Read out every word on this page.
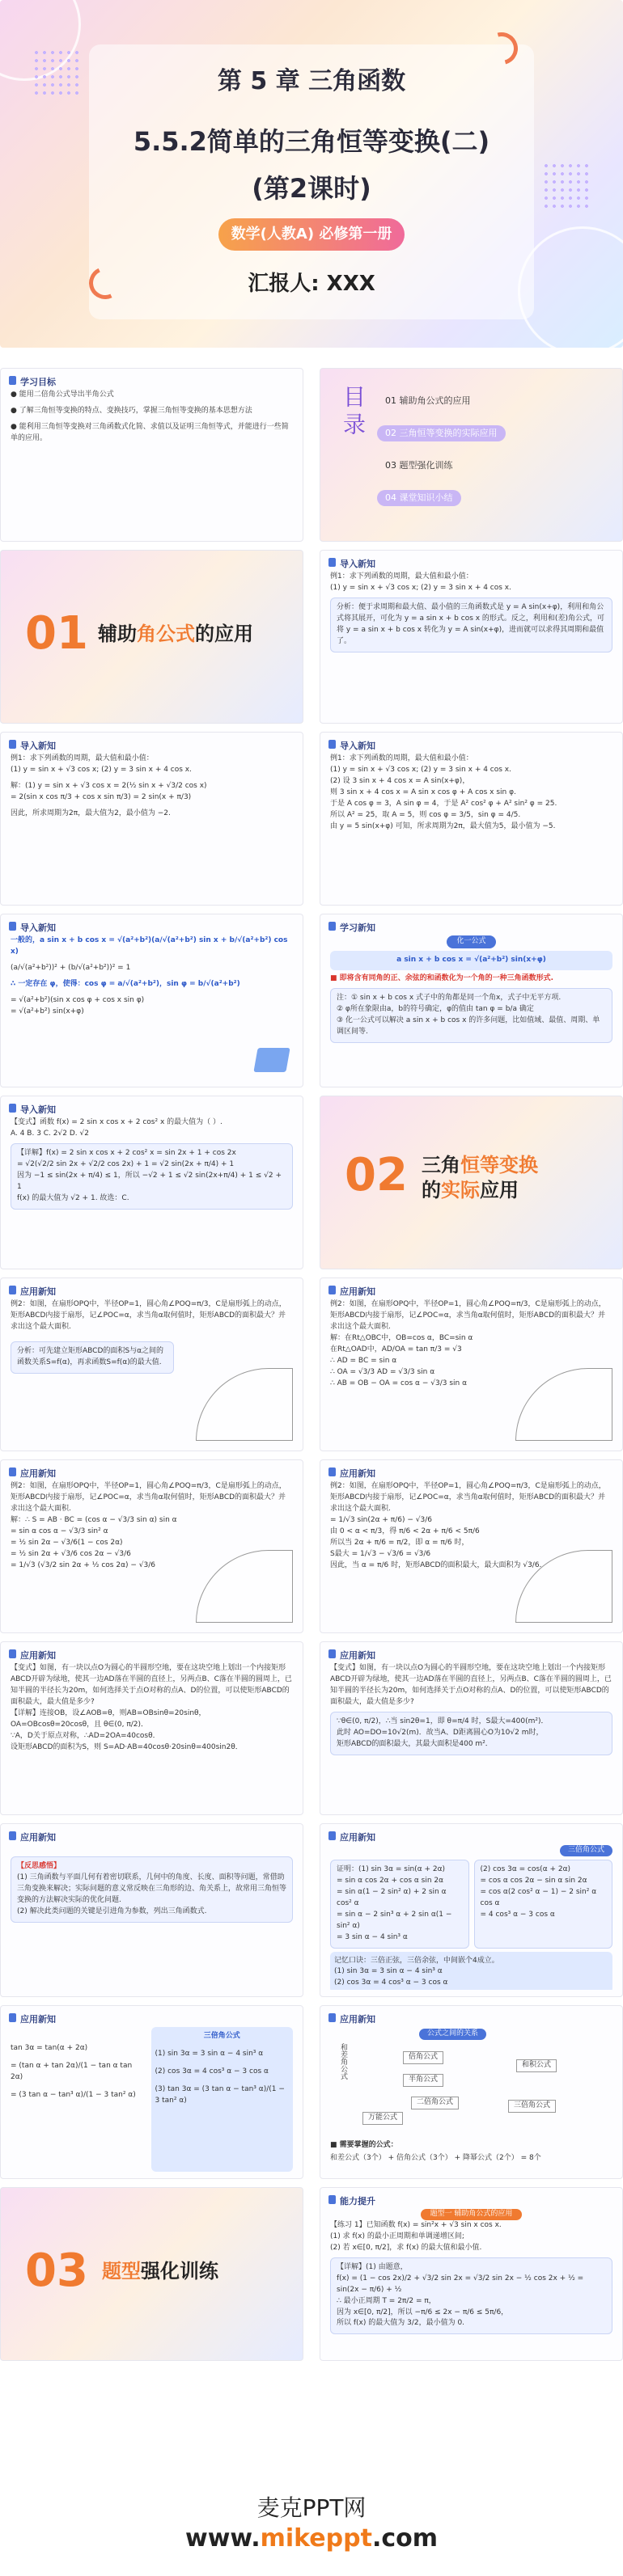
第 5 章 三角函数
5.5.2简单的三角恒等变换(二)
(第2课时)
数学(人教A) 必修第一册
汇报人: XXX
学习目标
● 能用二倍角公式导出半角公式
● 了解三角恒等变换的特点、变换技巧，掌握三角恒等变换的基本思想方法
● 能利用三角恒等变换对三角函数式化简、求值以及证明三角恒等式，并能进行一些简单的应用。	目录	01 辅助角公式的应用
02 三角恒等变换的实际应用
03 题型强化训练
04 课堂知识小结
01 辅助角公式的应用
导入新知
例1：求下列函数的周期，最大值和最小值：
(1) y = sin x + √3 cos x; (2) y = 3 sin x + 4 cos x.
分析：便于求周期和最大值、最小值的三角函数式是 y = A sin(x+φ)，利用和角公式将其展开，可化为 y = a sin x + b cos x 的形式。反之，利用和(差)角公式，可将 y = a sin x + b cos x 转化为 y = A sin(x+φ)，进而就可以求得其周期和最值了。
导入新知
例1：求下列函数的周期，最大值和最小值：
(1) y = sin x + √3 cos x; (2) y = 3 sin x + 4 cos x.
解：(1) y = sin x + √3 cos x = 2(½ sin x + √3/2 cos x)
= 2(sin x cos π/3 + cos x sin π/3) = 2 sin(x + π/3)
因此，所求周期为2π，最大值为2，最小值为 −2.
导入新知
例1：求下列函数的周期，最大值和最小值：
(1) y = sin x + √3 cos x; (2) y = 3 sin x + 4 cos x.
(2) 设 3 sin x + 4 cos x = A sin(x+φ)，
则 3 sin x + 4 cos x = A sin x cos φ + A cos x sin φ.
于是 A cos φ = 3，A sin φ = 4，于是 A² cos² φ + A² sin² φ = 25.
所以 A² = 25，取 A = 5，则 cos φ = 3/5，sin φ = 4/5.
由 y = 5 sin(x+φ) 可知，所求周期为2π，最大值为5，最小值为 −5.
导入新知
一般的，a sin x + b cos x = √(a²+b²)(a/√(a²+b²) sin x + b/√(a²+b²) cos x)
(a/√(a²+b²))² + (b/√(a²+b²))² = 1
∴ 一定存在 φ，使得：cos φ = a/√(a²+b²)，sin φ = b/√(a²+b²)
= √(a²+b²)(sin x cos φ + cos x sin φ)
= √(a²+b²) sin(x+φ)
学习新知
化一公式
a sin x + b cos x = √(a²+b²) sin(x+φ)
■ 即将含有同角的正、余弦的和函数化为一个角的一种三角函数形式.
注：① sin x + b cos x 式子中的角都是同一个角x，式子中无平方项.
② φ所在象限由a，b的符号确定，φ的值由 tan φ = b/a 确定
③ 化一公式可以解决 a sin x + b cos x 的许多问题，比如值域、最值、周期、单调区间等.
导入新知
【变式】函数 f(x) = 2 sin x cos x + 2 cos² x 的最大值为（ ）.
A. 4 B. 3 C. 2√2 D. √2
【详解】f(x) = 2 sin x cos x + 2 cos² x = sin 2x + 1 + cos 2x
= √2(√2/2 sin 2x + √2/2 cos 2x) + 1 = √2 sin(2x + π/4) + 1
因为 −1 ≤ sin(2x + π/4) ≤ 1，所以 −√2 + 1 ≤ √2 sin(2x+π/4) + 1 ≤ √2 + 1
f(x) 的最大值为 √2 + 1. 故选：C.	02 三角恒等变换
的实际应用
应用新知
例2：如图，在扇形OPQ中，半径OP=1，圆心角∠POQ=π/3，C是扇形弧上的动点，矩形ABCD内接于扇形，记∠POC=α，求当角α取何值时，矩形ABCD的面积最大？并求出这个最大面积.
分析：可先建立矩形ABCD的面积S与α之间的函数关系S=f(α)，再求函数S=f(α)的最大值.
应用新知
例2：如图，在扇形OPQ中，半径OP=1，圆心角∠POQ=π/3，C是扇形弧上的动点，矩形ABCD内接于扇形，记∠POC=α，求当角α取何值时，矩形ABCD的面积最大？并求出这个最大面积.
解：在Rt△OBC中，OB=cos α，BC=sin α
在Rt△OAD中，AD/OA = tan π/3 = √3
∴ AD = BC = sin α
∴ OA = √3/3 AD = √3/3 sin α
∴ AB = OB − OA = cos α − √3/3 sin α
应用新知
例2：如图，在扇形OPQ中，半径OP=1，圆心角∠POQ=π/3，C是扇形弧上的动点，矩形ABCD内接于扇形，记∠POC=α，求当角α取何值时，矩形ABCD的面积最大？并求出这个最大面积.
解：∴ S = AB · BC = (cos α − √3/3 sin α) sin α
= sin α cos α − √3/3 sin² α
= ½ sin 2α − √3/6(1 − cos 2α)
= ½ sin 2α + √3/6 cos 2α − √3/6
= 1/√3 (√3/2 sin 2α + ½ cos 2α) − √3/6
应用新知
例2：如图，在扇形OPQ中，半径OP=1，圆心角∠POQ=π/3，C是扇形弧上的动点，矩形ABCD内接于扇形，记∠POC=α，求当角α取何值时，矩形ABCD的面积最大？并求出这个最大面积.
= 1/√3 sin(2α + π/6) − √3/6
由 0 < α < π/3，得 π/6 < 2α + π/6 < 5π/6
所以当 2α + π/6 = π/2，即 α = π/6 时，
S最大 = 1/√3 − √3/6 = √3/6
因此，当 α = π/6 时，矩形ABCD的面积最大，最大面积为 √3/6.
应用新知
【变式】如图，有一块以点O为圆心的半圆形空地，要在这块空地上划出一个内接矩形ABCD开辟为绿地，使其一边AD落在半圆的直径上，另两点B、C落在半圆的圆周上，已知半圆的半径长为20m，如何选择关于点O对称的点A、D的位置，可以使矩形ABCD的面积最大，最大值是多少?
【详解】连接OB，设∠AOB=θ，则AB=OBsinθ=20sinθ，
OA=OBcosθ=20cosθ，且 θ∈(0, π/2)．
∵A，D关于原点对称，∴AD=2OA=40cosθ．
设矩形ABCD的面积为S，则 S=AD·AB=40cosθ·20sinθ=400sin2θ．
应用新知
【变式】如图，有一块以点O为圆心的半圆形空地，要在这块空地上划出一个内接矩形ABCD开辟为绿地，使其一边AD落在半圆的直径上，另两点B、C落在半圆的圆周上，已知半圆的半径长为20m，如何选择关于点O对称的点A、D的位置，可以使矩形ABCD的面积最大，最大值是多少?
∵θ∈(0, π/2)，∴当 sin2θ=1，即 θ=π/4 时，S最大=400(m²)．
此时 AO=DO=10√2(m)．故当A、D距离圆心O为10√2 m时，
矩形ABCD的面积最大，其最大面积是400 m²．
应用新知
【反思感悟】
(1) 三角函数与平面几何有着密切联系，几何中的角度、长度、面积等问题，常借助三角变换来解决；实际问题的意义常反映在三角形的边、角关系上，故常用三角恒等变换的方法解决实际的优化问题.
(2) 解决此类问题的关键是引进角为参数，列出三角函数式.
应用新知
三倍角公式
证明：(1) sin 3α = sin(α + 2α)
= sin α cos 2α + cos α sin 2α
= sin α(1 − 2 sin² α) + 2 sin α cos² α
= sin α − 2 sin³ α + 2 sin α(1 − sin² α)
= 3 sin α − 4 sin³ α
(2) cos 3α = cos(α + 2α)
= cos α cos 2α − sin α sin 2α
= cos α(2 cos² α − 1) − 2 sin² α cos α
= 4 cos³ α − 3 cos α
记忆口诀：三倍正弦，三倍余弦，中间嵌个4成立。
(1) sin 3α = 3 sin α − 4 sin³ α
(2) cos 3α = 4 cos³ α − 3 cos α
应用新知
tan 3α = tan(α + 2α)
= (tan α + tan 2α)/(1 − tan α tan 2α)
= (3 tan α − tan³ α)/(1 − 3 tan² α)
三倍角公式
(1) sin 3α = 3 sin α − 4 sin³ α
(2) cos 3α = 4 cos³ α − 3 cos α
(3) tan 3α = (3 tan α − tan³ α)/(1 − 3 tan² α)
应用新知
公式之间的关系
和差角公式	倍角公式
半角公式
和积公式
万能公式
三倍角公式
二倍角公式
■ 需要掌握的公式：
和差公式（3个） + 倍角公式（3个） + 降幂公式（2个） = 8个
03 题型强化训练
能力提升
题型一 辅助角公式的应用
【练习 1】已知函数 f(x) = sin²x + √3 sin x cos x.
(1) 求 f(x) 的最小正周期和单调递增区间;
(2) 若 x∈[0, π/2]，求 f(x) 的最大值和最小值.
【详解】(1) 由题意，
f(x) = (1 − cos 2x)/2 + √3/2 sin 2x = √3/2 sin 2x − ½ cos 2x + ½ = sin(2x − π/6) + ½
∴ 最小正周期 T = 2π/2 = π，
因为 x∈[0, π/2]，所以 −π/6 ≤ 2x − π/6 ≤ 5π/6，
所以 f(x) 的最大值为 3/2，最小值为 0.
麦克PPT网
www.mikeppt.com
